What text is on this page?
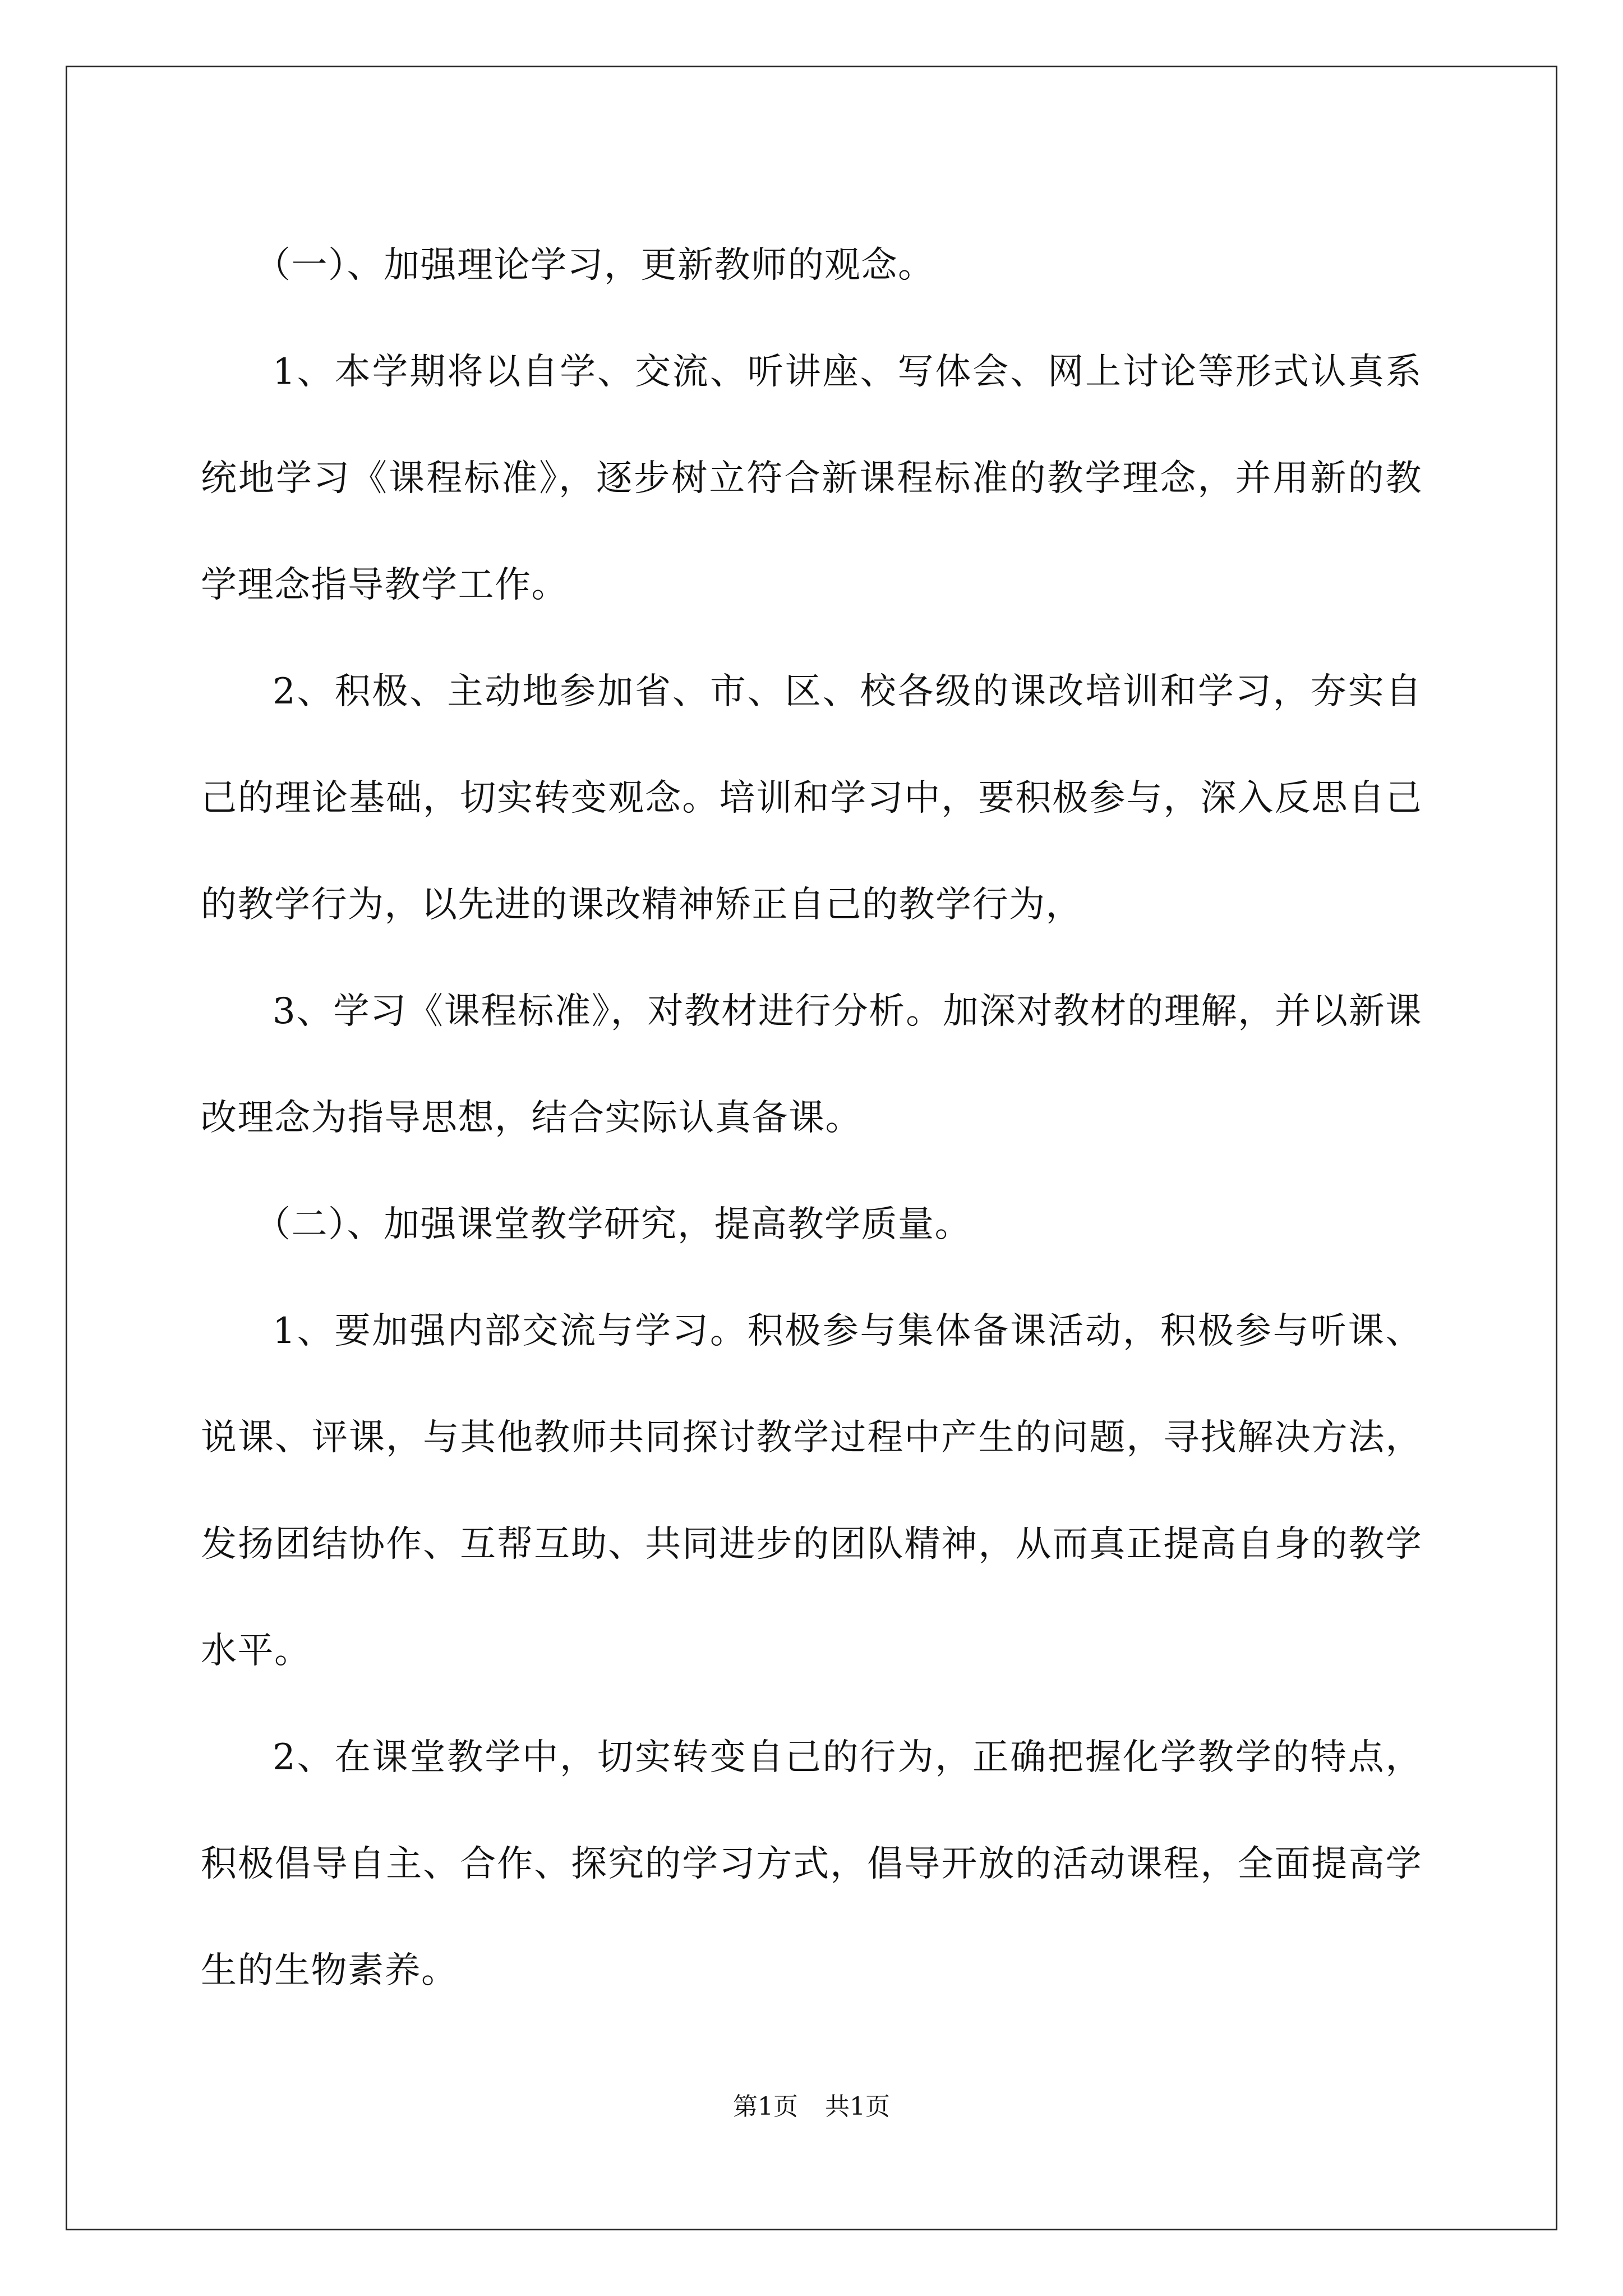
（一）、加强理论学习，更新教师的观念。

1、本学期将以自学、交流、听讲座、写体会、网上讨论等形式认真系统地学习《课程标准》，逐步树立符合新课程标准的教学理念，并用新的教学理念指导教学工作。

2、积极、主动地参加省、市、区、校各级的课改培训和学习，夯实自己的理论基础，切实转变观念。培训和学习中，要积极参与，深入反思自己的教学行为，以先进的课改精神矫正自己的教学行为，

3、学习《课程标准》，对教材进行分析。加深对教材的理解，并以新课改理念为指导思想，结合实际认真备课。

（二）、加强课堂教学研究，提高教学质量。

1、要加强内部交流与学习。积极参与集体备课活动，积极参与听课、说课、评课，与其他教师共同探讨教学过程中产生的问题，寻找解决方法，发扬团结协作、互帮互助、共同进步的团队精神，从而真正提高自身的教学水平。

2、在课堂教学中，切实转变自己的行为，正确把握化学教学的特点，积极倡导自主、合作、探究的学习方式，倡导开放的活动课程，全面提高学生的生物素养。

第1页 共1页
